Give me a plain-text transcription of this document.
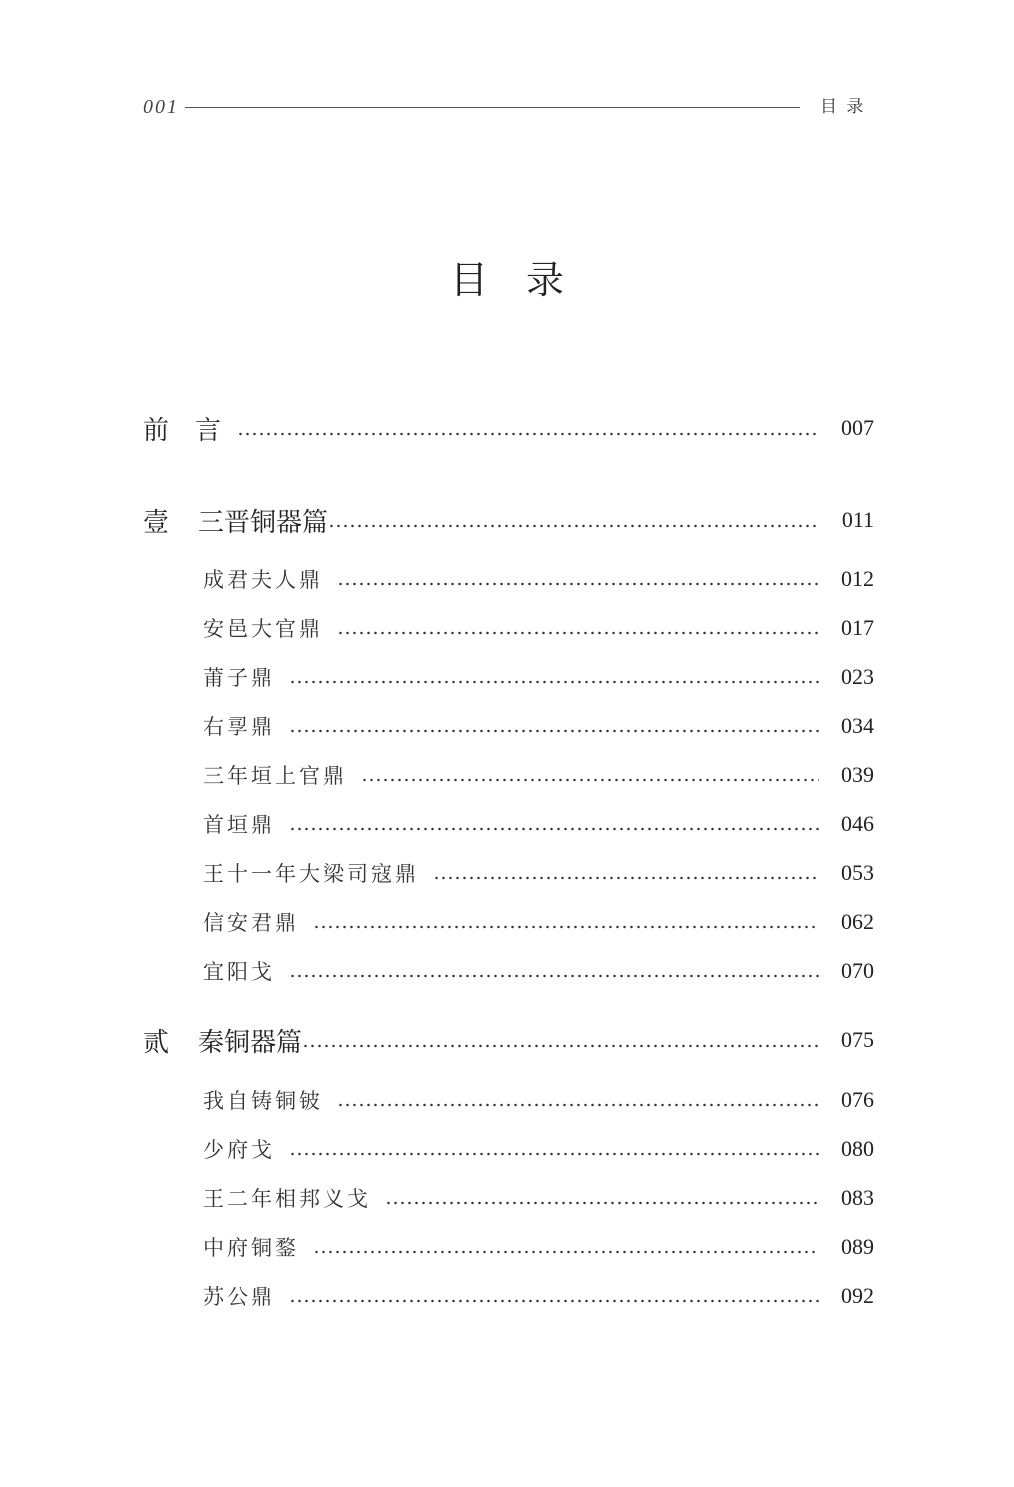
001	目 录
目　录
前　言	007
壹	三晋铜器篇	011
成君夫人鼎	012
安邑大官鼎	017
莆子鼎	023
右孠鼎	034
三年垣上官鼎	039
首垣鼎	046
王十一年大梁司寇鼎	053
信安君鼎	062
宜阳戈	070
贰	秦铜器篇	075
我自铸铜铍	076
少府戈	080
王二年相邦义戈	083
中府铜鍪	089
苏公鼎	092
